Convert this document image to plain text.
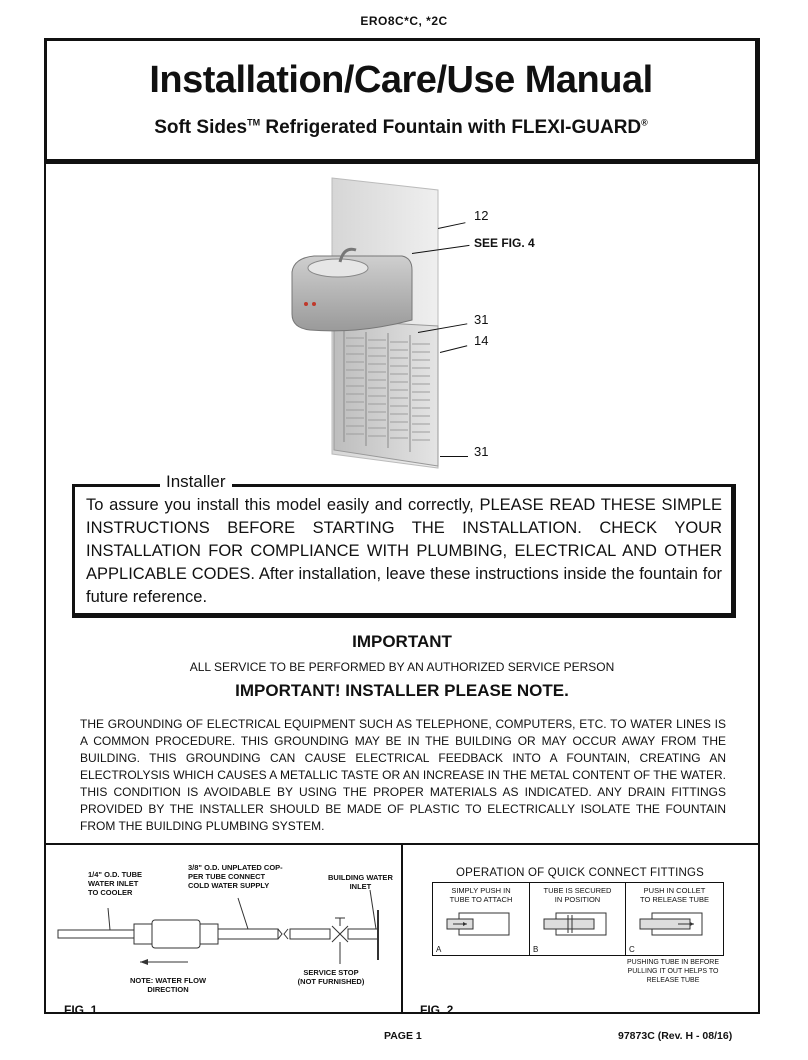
ERO8C*C, *2C
Installation/Care/Use Manual
Soft Sides™ Refrigerated Fountain with FLEXI-GUARD®
12
SEE FIG. 4
31
14
31
Installer
To assure you install this model easily and correctly, PLEASE READ THESE SIMPLE INSTRUCTIONS BEFORE STARTING THE INSTALLATION. CHECK YOUR INSTALLATION FOR COMPLIANCE WITH PLUMBING, ELECTRICAL AND OTHER APPLICABLE CODES. After installation, leave these instructions inside the fountain for future reference.
IMPORTANT
ALL SERVICE TO BE PERFORMED BY AN AUTHORIZED SERVICE PERSON
IMPORTANT! INSTALLER PLEASE NOTE.
THE GROUNDING OF ELECTRICAL EQUIPMENT SUCH AS TELEPHONE, COMPUTERS, ETC. TO WATER LINES IS A COMMON PROCEDURE. THIS GROUNDING MAY BE IN THE BUILDING OR MAY OCCUR AWAY FROM THE BUILDING. THIS GROUNDING CAN CAUSE ELECTRICAL FEEDBACK INTO A FOUNTAIN, CREATING AN ELECTROLYSIS WHICH CAUSES A METALLIC TASTE OR AN INCREASE IN THE METAL CONTENT OF THE WATER. THIS CONDITION IS AVOIDABLE BY USING THE PROPER MATERIALS AS INDICATED. ANY DRAIN FITTINGS PROVIDED BY THE INSTALLER SHOULD BE MADE OF PLASTIC TO ELECTRICALLY ISOLATE THE FOUNTAIN FROM THE BUILDING PLUMBING SYSTEM.
1/4" O.D. TUBE
WATER INLET
TO COOLER
3/8" O.D. UNPLATED COP-
PER TUBE CONNECT
COLD WATER SUPPLY
BUILDING WATER
INLET
NOTE: WATER FLOW
DIRECTION
SERVICE STOP
(NOT FURNISHED)
FIG. 1
OPERATION OF QUICK CONNECT FITTINGS
SIMPLY PUSH IN
TUBE TO ATTACH
A
TUBE IS SECURED
IN POSITION
B
PUSH IN COLLET
TO RELEASE TUBE
C
PUSHING TUBE IN BEFORE
PULLING IT OUT HELPS TO
RELEASE TUBE
FIG. 2
PAGE 1	97873C (Rev. H - 08/16)
